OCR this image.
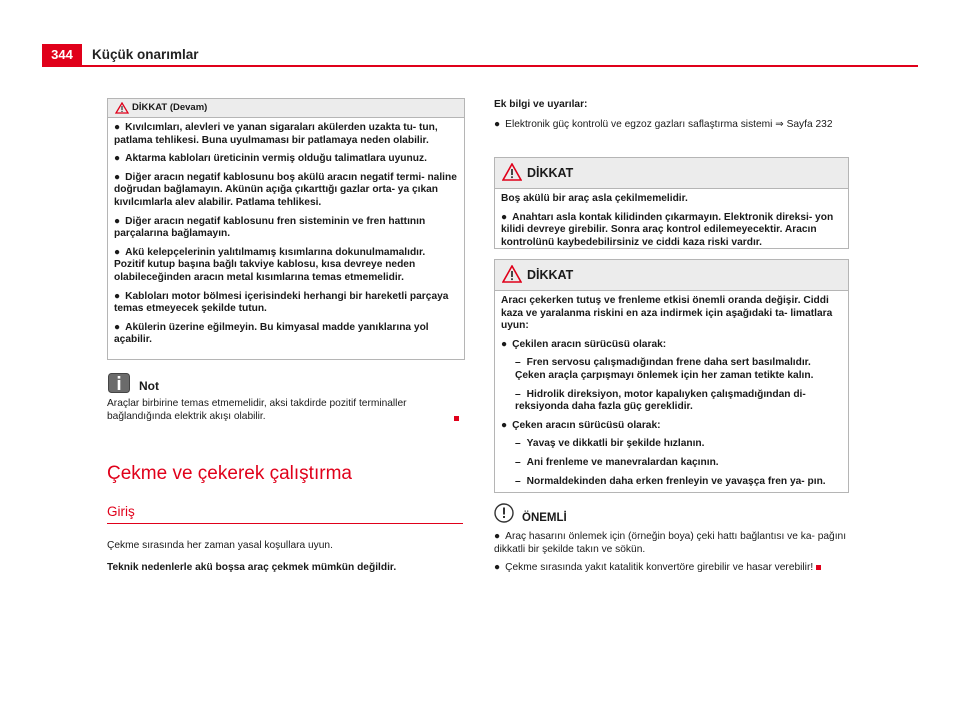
344	Küçük onarımlar
DİKKAT (Devam)

● Kıvılcımları, alevleri ve yanan sigaraları akülerden uzakta tu- tun, patlama tehlikesi. Buna uyulmaması bir patlamaya neden olabilir.

● Aktarma kabloları üreticinin vermiş olduğu talimatlara uyunuz.

● Diğer aracın negatif kablosunu boş akülü aracın negatif termi- naline doğrudan bağlamayın. Akünün açığa çıkarttığı gazlar orta- ya çıkan kıvılcımlarla alev alabilir. Patlama tehlikesi.

● Diğer aracın negatif kablosunu fren sisteminin ve fren hattının parçalarına bağlamayın.

● Akü kelepçelerinin yalıtılmamış kısımlarına dokunulmamalıdır. Pozitif kutup başına bağlı takviye kablosu, kısa devreye neden olabileceğinden aracın metal kısımlarına temas etmemelidir.

● Kabloları motor bölmesi içerisindeki herhangi bir hareketli parçaya temas etmeyecek şekilde tutun.

● Akülerin üzerine eğilmeyin. Bu kimyasal madde yanıklarına yol açabilir.

Not
Araçlar birbirine temas etmemelidir, aksi takdirde pozitif terminaller bağlandığında elektrik akışı olabilir.
Çekme ve çekerek çalıştırma
Giriş
Çekme sırasında her zaman yasal koşullara uyun.
Teknik nedenlerle akü boşsa araç çekmek mümkün değildir.
Ek bilgi ve uyarılar:
● Elektronik güç kontrolü ve egzoz gazları saflaştırma sistemi ⇒ Sayfa 232
DİKKAT

Boş akülü bir araç asla çekilmemelidir.

● Anahtarı asla kontak kilidinden çıkarmayın. Elektronik direksi- yon kilidi devreye girebilir. Sonra araç kontrol edilemeyecektir. Aracın kontrolünü kaybedebilirsiniz ve ciddi kaza riski vardır.

DİKKAT

Aracı çekerken tutuş ve frenleme etkisi önemli oranda değişir. Ciddi kaza ve yaralanma riskini en aza indirmek için aşağıdaki ta- limatlara uyun:

● Çekilen aracın sürücüsü olarak:

– Fren servosu çalışmadığından frene daha sert basılmalıdır. Çeken araçla çarpışmayı önlemek için her zaman tetikte kalın.

– Hidrolik direksiyon, motor kapalıyken çalışmadığından di- reksiyonda daha fazla güç gereklidir.

● Çeken aracın sürücüsü olarak:

– Yavaş ve dikkatli bir şekilde hızlanın.

– Ani frenleme ve manevralardan kaçının.

– Normaldekinden daha erken frenleyin ve yavaşça fren ya- pın.

ÖNEMLİ

● Araç hasarını önlemek için (örneğin boya) çeki hattı bağlantısı ve ka- pağını dikkatli bir şekilde takın ve sökün.

● Çekme sırasında yakıt katalitik konvertöre girebilir ve hasar verebilir!
